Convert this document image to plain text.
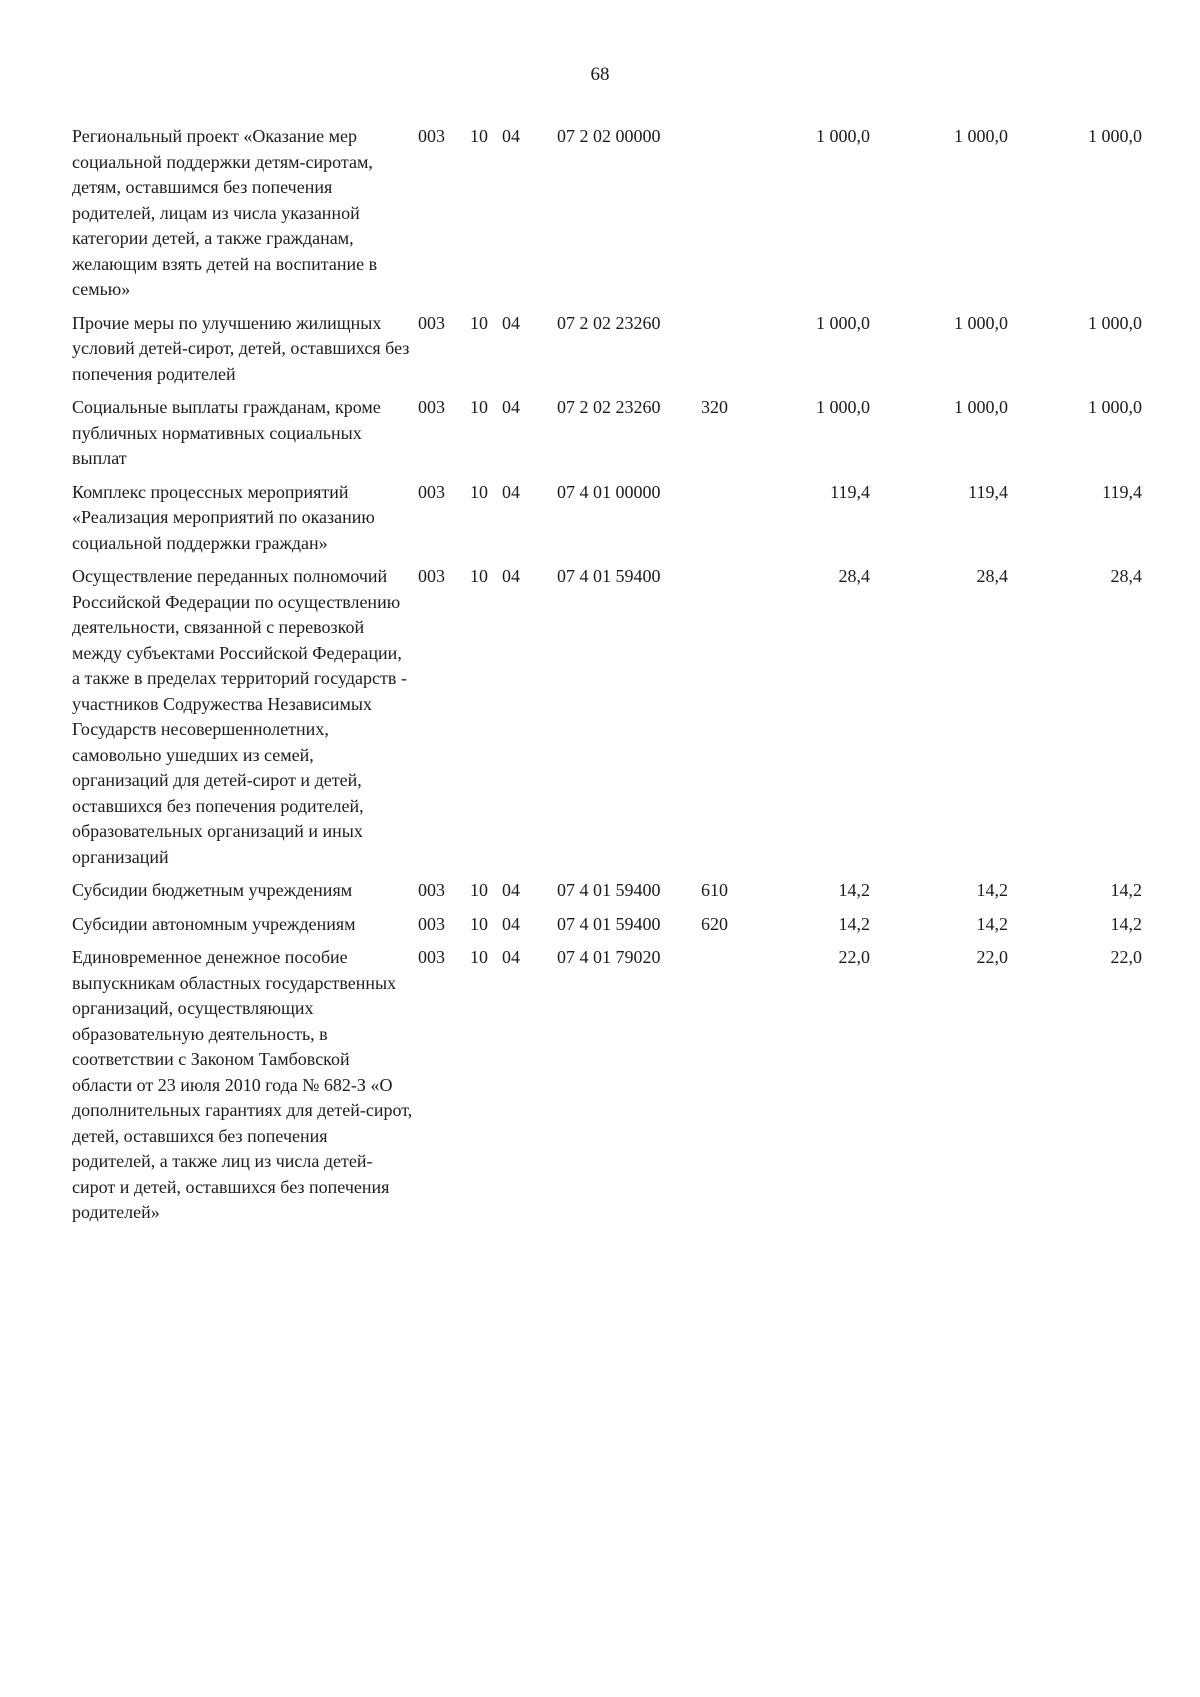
68
Региональный проект «Оказание мер социальной поддержки детям-сиротам, детям, оставшимся без попечения родителей, лицам из числа указанной категории детей, а также гражданам, желающим взять детей на воспитание в семью»
003 10 04 07 2 02 00000	1 000,0	1 000,0	1 000,0
Прочие меры по улучшению жилищных условий детей-сирот, детей, оставшихся без попечения родителей
003 10 04 07 2 02 23260	1 000,0	1 000,0	1 000,0
Социальные выплаты гражданам, кроме публичных нормативных социальных выплат
003 10 04 07 2 02 23260 320	1 000,0	1 000,0	1 000,0
Комплекс процессных мероприятий «Реализация мероприятий по оказанию социальной поддержки граждан»
003 10 04 07 4 01 00000	119,4	119,4	119,4
Осуществление переданных полномочий Российской Федерации по осуществлению деятельности, связанной с перевозкой между субъектами Российской Федерации, а также в пределах территорий государств - участников Содружества Независимых Государств несовершеннолетних, самовольно ушедших из семей, организаций для детей-сирот и детей, оставшихся без попечения родителей, образовательных организаций и иных организаций
003 10 04 07 4 01 59400	28,4	28,4	28,4
Субсидии бюджетным учреждениям	003 10 04 07 4 01 59400 610	14,2	14,2	14,2
Субсидии автономным учреждениям	003 10 04 07 4 01 59400 620	14,2	14,2	14,2
Единовременное денежное пособие выпускникам областных государственных организаций, осуществляющих образовательную деятельность, в соответствии с Законом Тамбовской области от 23 июля 2010 года № 682-З «О дополнительных гарантиях для детей-сирот, детей, оставшихся без попечения родителей, а также лиц из числа детей-сирот и детей, оставшихся без попечения родителей»
003 10 04 07 4 01 79020	22,0	22,0	22,0
